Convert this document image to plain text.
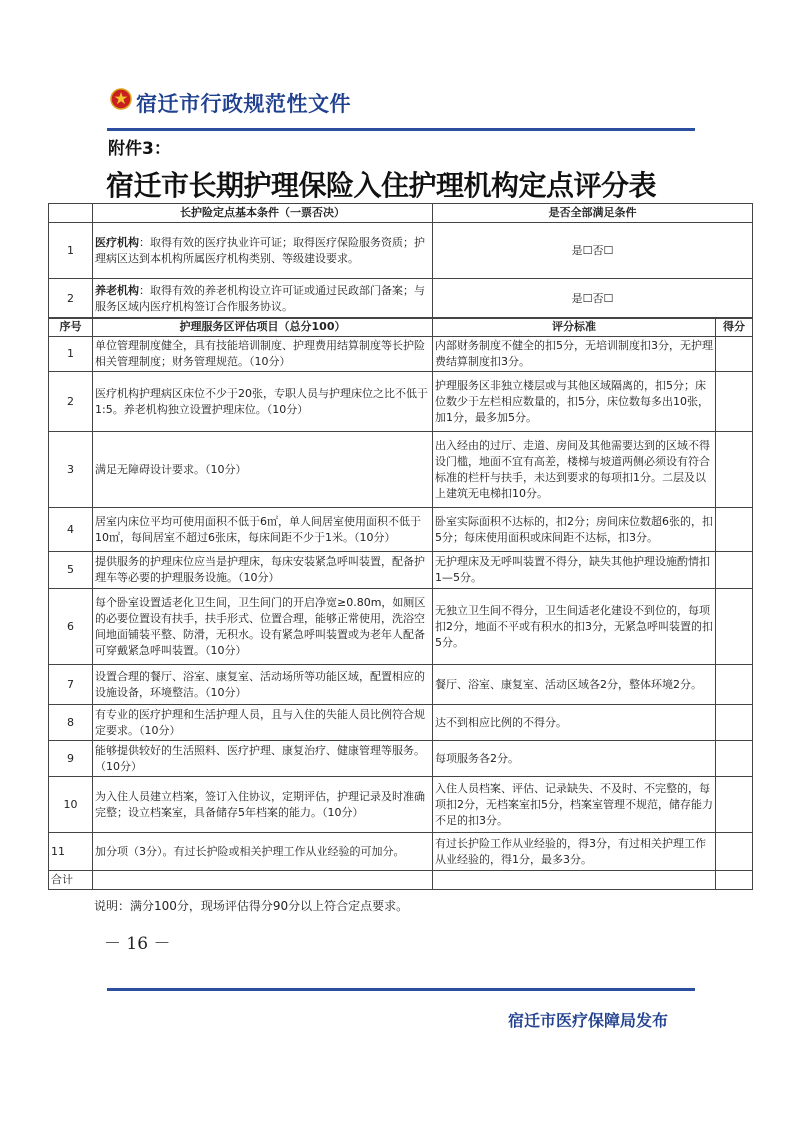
宿迁市行政规范性文件
附件3：
宿迁市长期护理保险入住护理机构定点评分表
	长护险定点基本条件（一票否决）	是否全部满足条件
1	医疗机构：取得有效的医疗执业许可证；取得医疗保险服务资质；护理病区达到本机构所属医疗机构类别、等级建设要求。	是☐否☐
2	养老机构：取得有效的养老机构设立许可证或通过民政部门备案；与服务区域内医疗机构签订合作服务协议。	是☐否☐
序号	护理服务区评估项目（总分100）	评分标准	得分
1	单位管理制度健全，具有技能培训制度、护理费用结算制度等长护险相关管理制度；财务管理规范。（10分）	内部财务制度不健全的扣5分，无培训制度扣3分，无护理费结算制度扣3分。	
2	医疗机构护理病区床位不少于20张，专职人员与护理床位之比不低于1:5。养老机构独立设置护理床位。（10分）	护理服务区非独立楼层或与其他区域隔离的，扣5分；床位数少于左栏相应数量的，扣5分，床位数每多出10张，加1分，最多加5分。	
3	满足无障碍设计要求。（10分）	出入经由的过厅、走道、房间及其他需要达到的区域不得设门槛，地面不宜有高差，楼梯与坡道两侧必须设有符合标准的栏杆与扶手，未达到要求的每项扣1分。二层及以上建筑无电梯扣10分。	
4	居室内床位平均可使用面积不低于6㎡，单人间居室使用面积不低于10㎡，每间居室不超过6张床，每床间距不少于1米。（10分）	卧室实际面积不达标的，扣2分；房间床位数超6张的，扣5分；每床使用面积或床间距不达标，扣3分。	
5	提供服务的护理床位应当是护理床，每床安装紧急呼叫装置，配备护理车等必要的护理服务设施。（10分）	无护理床及无呼叫装置不得分，缺失其他护理设施酌情扣1—5分。	
6	每个卧室设置适老化卫生间，卫生间门的开启净宽≥0.80m，如厕区的必要位置设有扶手，扶手形式、位置合理，能够正常使用，洗浴空间地面铺装平整、防滑，无积水。设有紧急呼叫装置或为老年人配备可穿戴紧急呼叫装置。（10分）	无独立卫生间不得分，卫生间适老化建设不到位的，每项扣2分，地面不平或有积水的扣3分，无紧急呼叫装置的扣5分。	
7	设置合理的餐厅、浴室、康复室、活动场所等功能区域，配置相应的设施设备，环境整洁。（10分）	餐厅、浴室、康复室、活动区域各2分，整体环境2分。	
8	有专业的医疗护理和生活护理人员，且与入住的失能人员比例符合规定要求。（10分）	达不到相应比例的不得分。	
9	能够提供较好的生活照料、医疗护理、康复治疗、健康管理等服务。（10分）	每项服务各2分。	
10	为入住人员建立档案，签订入住协议，定期评估，护理记录及时准确完整；设立档案室，具备储存5年档案的能力。（10分）	入住人员档案、评估、记录缺失、不及时、不完整的，每项扣2分，无档案室扣5分，档案室管理不规范，储存能力不足的扣3分。	
11	加分项（3分）。有过长护险或相关护理工作从业经验的可加分。	有过长护险工作从业经验的，得3分，有过相关护理工作从业经验的，得1分，最多3分。	
合计			
说明：满分100分，现场评估得分90分以上符合定点要求。
－ 16 －
宿迁市医疗保障局发布
